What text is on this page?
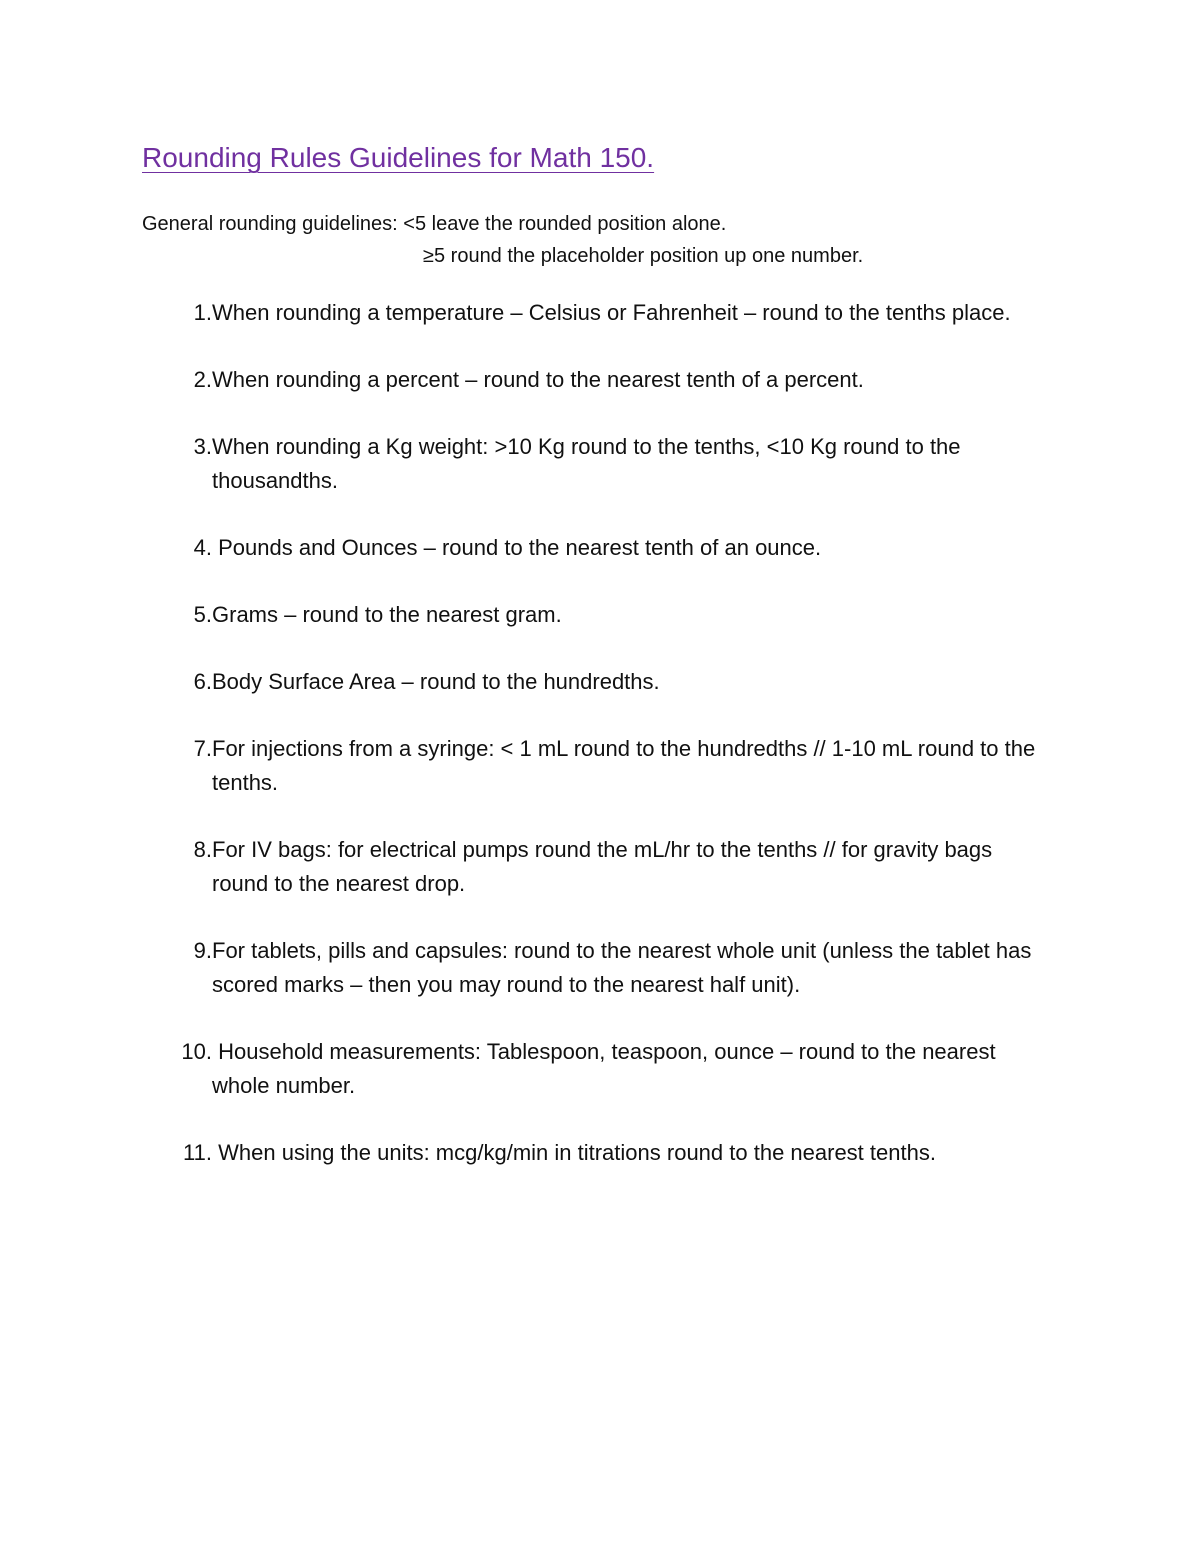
Rounding Rules Guidelines for Math 150.
General rounding guidelines: <5 leave the rounded position alone.
≥5 round the placeholder position up one number.
1. When rounding a temperature – Celsius or Fahrenheit – round to the tenths place.
2. When rounding a percent – round to the nearest tenth of a percent.
3. When rounding a Kg weight: >10 Kg round to the tenths, <10 Kg round to the thousandths.
4. Pounds and Ounces – round to the nearest tenth of an ounce.
5. Grams – round to the nearest gram.
6. Body Surface Area – round to the hundredths.
7. For injections from a syringe: < 1 mL round to the hundredths // 1-10 mL round to the tenths.
8. For IV bags: for electrical pumps round the mL/hr to the tenths // for gravity bags round to the nearest drop.
9. For tablets, pills and capsules: round to the nearest whole unit (unless the tablet has scored marks – then you may round to the nearest half unit).
10. Household measurements: Tablespoon, teaspoon, ounce – round to the nearest whole number.
11. When using the units: mcg/kg/min in titrations round to the nearest tenths.
